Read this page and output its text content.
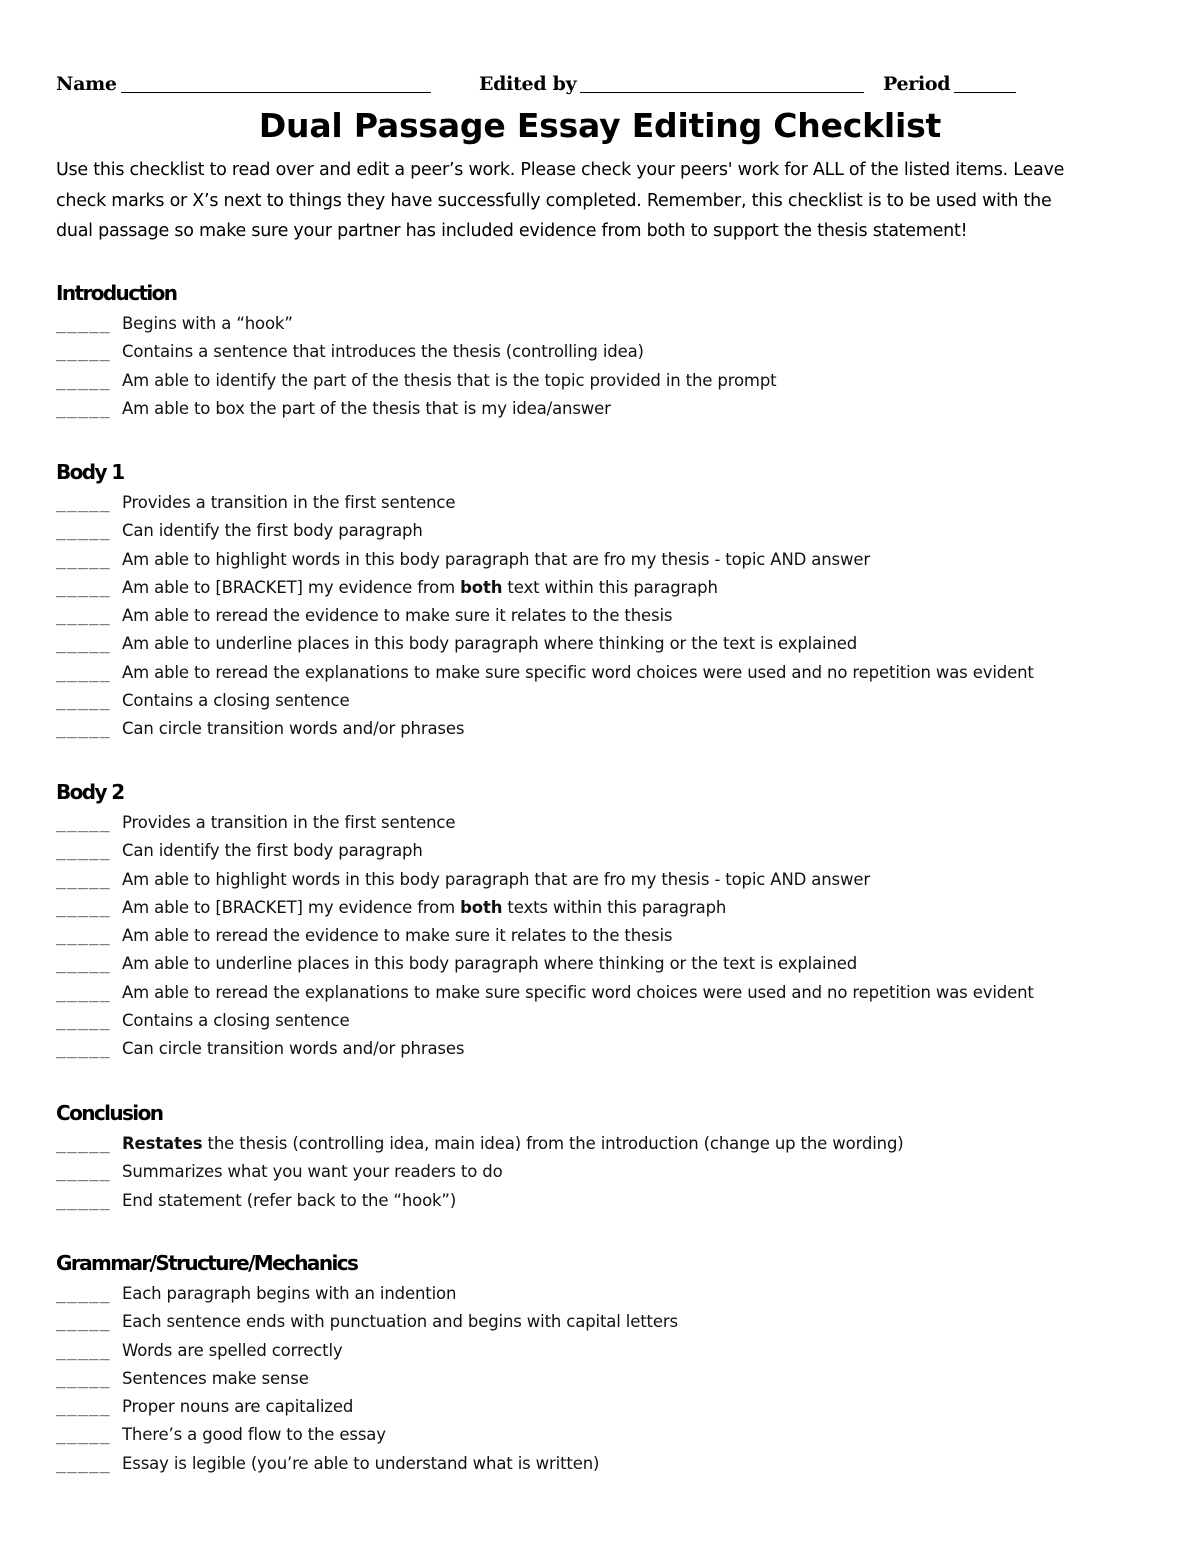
Name	Edited by	Period
Dual Passage Essay Editing Checklist
Use this checklist to read over and edit a peer’s work. Please check your peers' work for ALL of the listed items. Leave
check marks or X’s next to things they have successfully completed. Remember, this checklist is to be used with the
dual passage so make sure your partner has included evidence from both to support the thesis statement!
Introduction
_____ Begins with a “hook”
_____ Contains a sentence that introduces the thesis (controlling idea)
_____ Am able to identify the part of the thesis that is the topic provided in the prompt
_____ Am able to box the part of the thesis that is my idea/answer
Body 1
_____ Provides a transition in the first sentence
_____ Can identify the first body paragraph
_____ Am able to highlight words in this body paragraph that are fro my thesis - topic AND answer
_____ Am able to [BRACKET] my evidence from both text within this paragraph
_____ Am able to reread the evidence to make sure it relates to the thesis
_____ Am able to underline places in this body paragraph where thinking or the text is explained
_____ Am able to reread the explanations to make sure specific word choices were used and no repetition was evident
_____ Contains a closing sentence
_____ Can circle transition words and/or phrases
Body 2
_____ Provides a transition in the first sentence
_____ Can identify the first body paragraph
_____ Am able to highlight words in this body paragraph that are fro my thesis - topic AND answer
_____ Am able to [BRACKET] my evidence from both texts within this paragraph
_____ Am able to reread the evidence to make sure it relates to the thesis
_____ Am able to underline places in this body paragraph where thinking or the text is explained
_____ Am able to reread the explanations to make sure specific word choices were used and no repetition was evident
_____ Contains a closing sentence
_____ Can circle transition words and/or phrases
Conclusion
_____ Restates the thesis (controlling idea, main idea) from the introduction (change up the wording)
_____ Summarizes what you want your readers to do
_____ End statement (refer back to the “hook”)
Grammar/Structure/Mechanics
_____ Each paragraph begins with an indention
_____ Each sentence ends with punctuation and begins with capital letters
_____ Words are spelled correctly
_____ Sentences make sense
_____ Proper nouns are capitalized
_____ There’s a good flow to the essay
_____ Essay is legible (you’re able to understand what is written)
